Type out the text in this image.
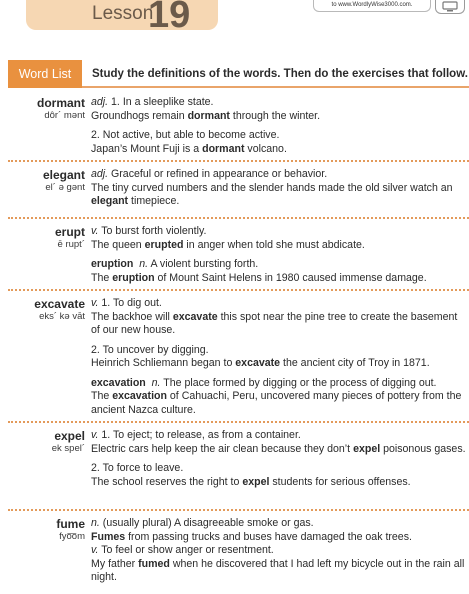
Lesson
19	to www.WordlyWise3000.com.
Word List	Study the definitions of the words. Then do the exercises that follow.
dormant
dôr´ mənt

adj. 1. In a sleeplike state.

Groundhogs remain dormant through the winter.

2. Not active, but able to become active.

Japan’s Mount Fuji is a dormant volcano.

elegant
el´ ə gənt

adj. Graceful or refined in appearance or behavior.

The tiny curved numbers and the slender hands made the old silver watch an elegant timepiece.

erupt
ē rupt´

v. To burst forth violently.

The queen erupted in anger when told she must abdicate.

eruption n. A violent bursting forth.

The eruption of Mount Saint Helens in 1980 caused immense damage.

excavate
eks´ kə vāt

v. 1. To dig out.

The backhoe will excavate this spot near the pine tree to create the basement of our new house.

2. To uncover by digging.

Heinrich Schliemann began to excavate the ancient city of Troy in 1871.

excavation n. The place formed by digging or the process of digging out.

The excavation of Cahuachi, Peru, uncovered many pieces of pottery from the ancient Nazca culture.

expel
ek spel´

v. 1. To eject; to release, as from a container.

Electric cars help keep the air clean because they don’t expel poisonous gases.

2. To force to leave.

The school reserves the right to expel students for serious offenses.

fume
fyo͞om

n. (usually plural) A disagreeable smoke or gas.

Fumes from passing trucks and buses have damaged the oak trees.

v. To feel or show anger or resentment.

My father fumed when he discovered that I had left my bicycle out in the rain all night.
